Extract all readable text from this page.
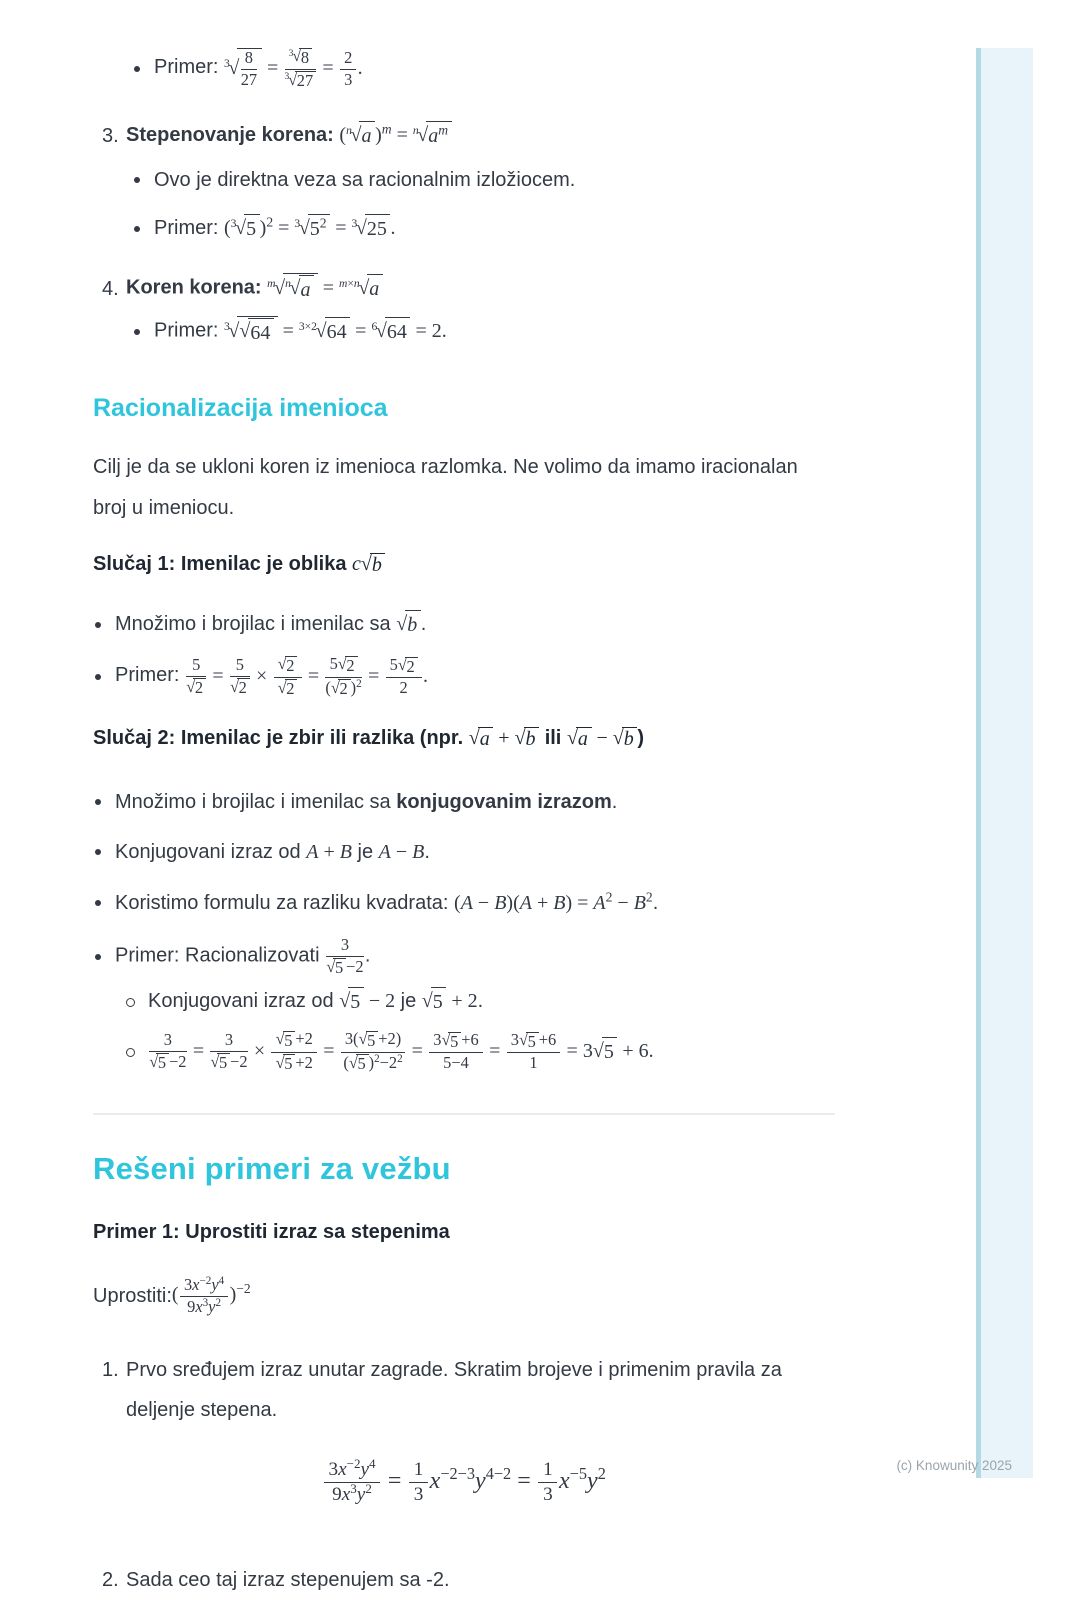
Primer: $^3√ \frac{8}{27} = \frac{^3√8}{^3√27} = \frac{2}{3}$ .
3. Stepenovanje korena: ($^n$√a )$^m = ^n√a^m$
Ovo je direktna veza sa racionalnim izložiocem.
Primer: ($^3$√5 )$^2 = ^3√5^2 = ^3√25$ .
4. Koren korena: $^m$√$^n$√a = $^{m\times n}$√a
Primer: $^3$√√64 = $^{3\times 2}$√64 = $^6$√64 = 2.
Racionalizacija imenioca
Cilj je da se ukloni koren iz imenioca razlomka. Ne volimo da imamo iracionalan broj u imeniocu.
Slučaj 1: Imenilac je oblika c√b
Množimo i brojilac i imenilac sa √b .
Primer: $\frac{5}{√2} = \frac{5}{√2} \times \frac{√2}{√2} = \frac{5√2}{(√2 )^2} = \frac{5√2}{2}$ .
Slučaj 2: Imenilac je zbir ili razlika (npr. √a + √b ili √a − √b )
Množimo i brojilac i imenilac sa konjugovanim izrazom.
Konjugovani izraz od A + B je A − B.
Koristimo formulu za razliku kvadrata: $(A - B)(A + B) = A^2 - B^2$.
Primer: Racionalizovati $\frac{3}{√5 -2}$ .
Konjugovani izraz od √5 − 2 je √5 + 2.
$\frac{3}{√5 -2} = \frac{3}{√5 -2} \times \frac{√5 +2}{√5 +2} = \frac{3(√5 +2)}{(√5 )^2-2^2} = \frac{3√5 +6}{5-4} = \frac{3√5 +6}{1} = 3√5 + 6$.
Rešeni primeri za vežbu
Primer 1: Uprostiti izraz sa stepenima
Uprostiti: ( $\frac{3x^{-2}y^4}{9x^3y^2} )^{-2}$
1. Prvo sređujem izraz unutar zagrade. Skratim brojeve i primenim pravila za deljenje stepena.
$\frac{3x^{-2}y^4}{9x^3y^2} = \frac{1}{3} x^{-2-3}y^{4-2} = \frac{1}{3} x^{-5}y^2$
2. Sada ceo taj izraz stepenujem sa -2.
(c) Knowunity 2025
